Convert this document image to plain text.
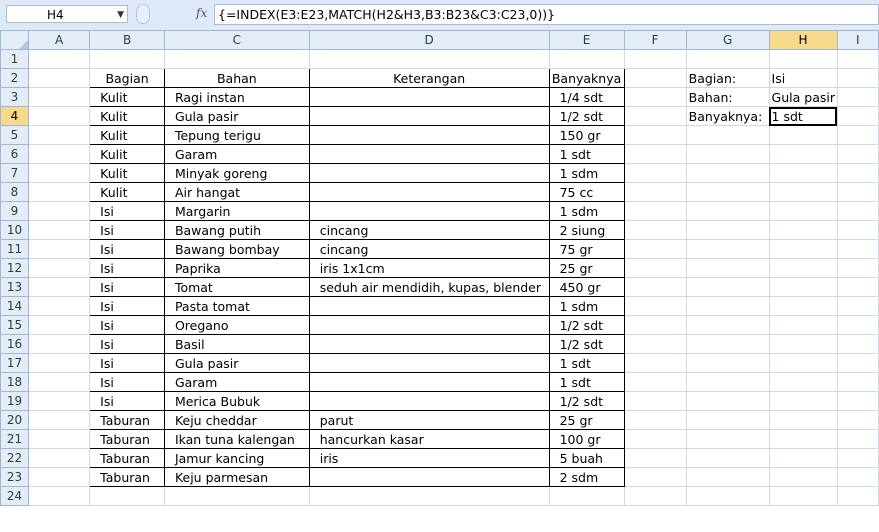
H4	▼	fx {=INDEX(E3:E23,MATCH(H2&H3,B3:B23&C3:C23,0))}
	A	B	C	D	E	F	G	H	I
1									
2		Bagian	Bahan	Keterangan	Banyaknya		Bagian:	Isi	
3		Kulit	Ragi instan		1/4 sdt		Bahan:	Gula pasir	
4		Kulit	Gula pasir		1/2 sdt		Banyaknya:	1 sdt	
5		Kulit	Tepung terigu		150 gr				
6		Kulit	Garam		1 sdt				
7		Kulit	Minyak goreng		1 sdm				
8		Kulit	Air hangat		75 cc				
9		Isi	Margarin		1 sdm				
10		Isi	Bawang putih	cincang	2 siung				
11		Isi	Bawang bombay	cincang	75 gr				
12		Isi	Paprika	iris 1x1cm	25 gr				
13		Isi	Tomat	seduh air mendidih, kupas, blender	450 gr				
14		Isi	Pasta tomat		1 sdm				
15		Isi	Oregano		1/2 sdt				
16		Isi	Basil		1/2 sdt				
17		Isi	Gula pasir		1 sdt				
18		Isi	Garam		1 sdt				
19		Isi	Merica Bubuk		1/2 sdt				
20		Taburan	Keju cheddar	parut	25 gr				
21		Taburan	Ikan tuna kalengan	hancurkan kasar	100 gr				
22		Taburan	Jamur kancing	iris	5 buah				
23		Taburan	Keju parmesan		2 sdm				
24									
